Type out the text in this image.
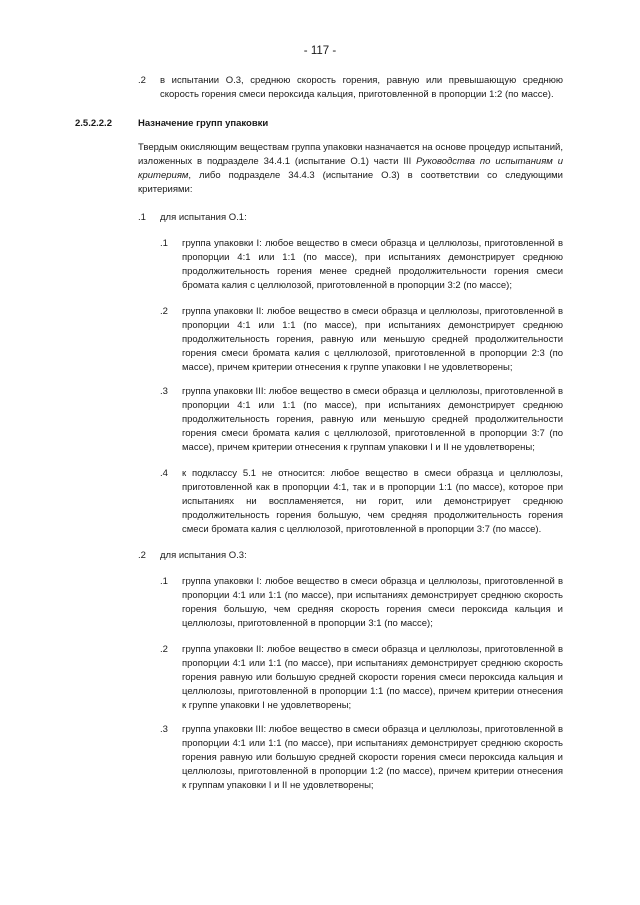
- 117 -
.2 в испытании О.3, среднюю скорость горения, равную или превышающую среднюю скорость горения смеси пероксида кальция, приготовленной в пропорции 1:2 (по массе).
2.5.2.2.2	Назначение групп упаковки
Твердым окисляющим веществам группа упаковки назначается на основе процедур испытаний, изложенных в подразделе 34.4.1 (испытание О.1) части III Руководства по испытаниям и критериям, либо подразделе 34.4.3 (испытание О.3) в соответствии со следующими критериями:
.1 для испытания О.1:
.1 группа упаковки I: любое вещество в смеси образца и целлюлозы, приготовленной в пропорции 4:1 или 1:1 (по массе), при испытаниях демонстрирует среднюю продолжительность горения менее средней продолжительности горения смеси бромата калия с целлюлозой, приготовленной в пропорции 3:2 (по массе);
.2 группа упаковки II: любое вещество в смеси образца и целлюлозы, приготовленной в пропорции 4:1 или 1:1 (по массе), при испытаниях демонстрирует среднюю продолжительность горения, равную или меньшую средней продолжительности горения смеси бромата калия с целлюлозой, приготовленной в пропорции 2:3 (по массе), причем критерии отнесения к группе упаковки I не удовлетворены;
.3 группа упаковки III: любое вещество в смеси образца и целлюлозы, приготовленной в пропорции 4:1 или 1:1 (по массе), при испытаниях демонстрирует среднюю продолжительность горения, равную или меньшую средней продолжительности горения смеси бромата калия с целлюлозой, приготовленной в пропорции 3:7 (по массе), причем критерии отнесения к группам упаковки I и II не удовлетворены;
.4 к подклассу 5.1 не относится: любое вещество в смеси образца и целлюлозы, приготовленной как в пропорции 4:1, так и в пропорции 1:1 (по массе), которое при испытаниях ни воспламеняется, ни горит, или демонстрирует среднюю продолжительность горения большую, чем средняя продолжительность горения смеси бромата калия с целлюлозой, приготовленной в пропорции 3:7 (по массе).
.2 для испытания О.3:
.1 группа упаковки I: любое вещество в смеси образца и целлюлозы, приготовленной в пропорции 4:1 или 1:1 (по массе), при испытаниях демонстрирует среднюю скорость горения большую, чем средняя скорость горения смеси пероксида кальция и целлюлозы, приготовленной в пропорции 3:1 (по массе);
.2 группа упаковки II: любое вещество в смеси образца и целлюлозы, приготовленной в пропорции 4:1 или 1:1 (по массе), при испытаниях демонстрирует среднюю скорость горения равную или большую средней скорости горения смеси пероксида кальция и целлюлозы, приготовленной в пропорции 1:1 (по массе), причем критерии отнесения к группе упаковки I не удовлетворены;
.3 группа упаковки III: любое вещество в смеси образца и целлюлозы, приготовленной в пропорции 4:1 или 1:1 (по массе), при испытаниях демонстрирует среднюю скорость горения равную или большую средней скорости горения смеси пероксида кальция и целлюлозы, приготовленной в пропорции 1:2 (по массе), причем критерии отнесения к группам упаковки I и II не удовлетворены;
